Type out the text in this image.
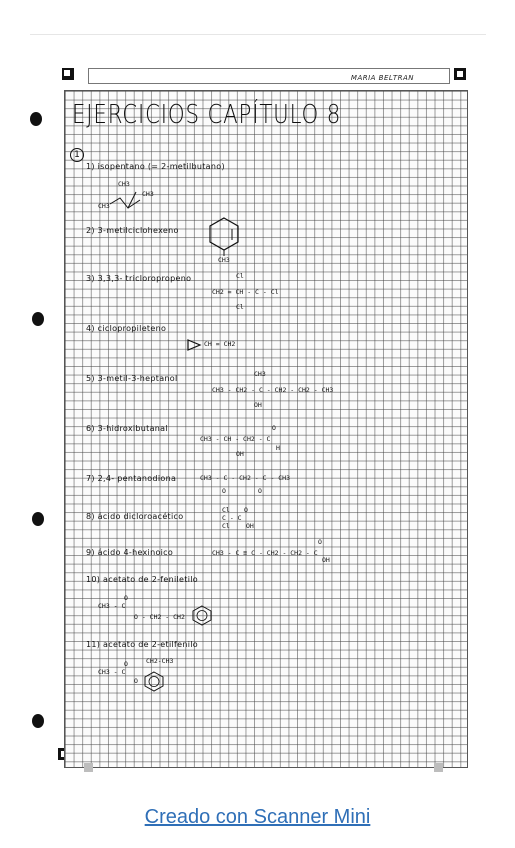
MARIA BELTRAN
EJERCICIOS CAPÍTULO 8
1
1) isopentano (= 2-metilbutano)
2) 3-metilciclohexeno
3) 3,3,3- tricloropropeno
4) ciclopropileteno
5) 3-metil-3-heptanol
6) 3-hidroxibutanal
7) 2,4- pentanodiona
8) ácido dicloroacético
9) ácido 4-hexinoico
10) acetato de 2-feniletilo
11) acetato de 2-etilfenilo
CH3
CH3
CH3
CH3
Cl
CH2 = CH - C - Cl
Cl
CH = CH2
CH3
CH3 - CH2 - C - CH2 - CH2 - CH3
OH
O
CH3 - CH - CH2 - C
OH
H
CH3 - C - CH2 - C - CH3
O	O
Cl O
C - C
Cl OH
O
CH3 - C ≡ C - CH2 - CH2 - C
OH
O
CH3 - C
O - CH2 - CH2
CH2-CH3
O
CH3 - C
O
Creado con Scanner Mini
